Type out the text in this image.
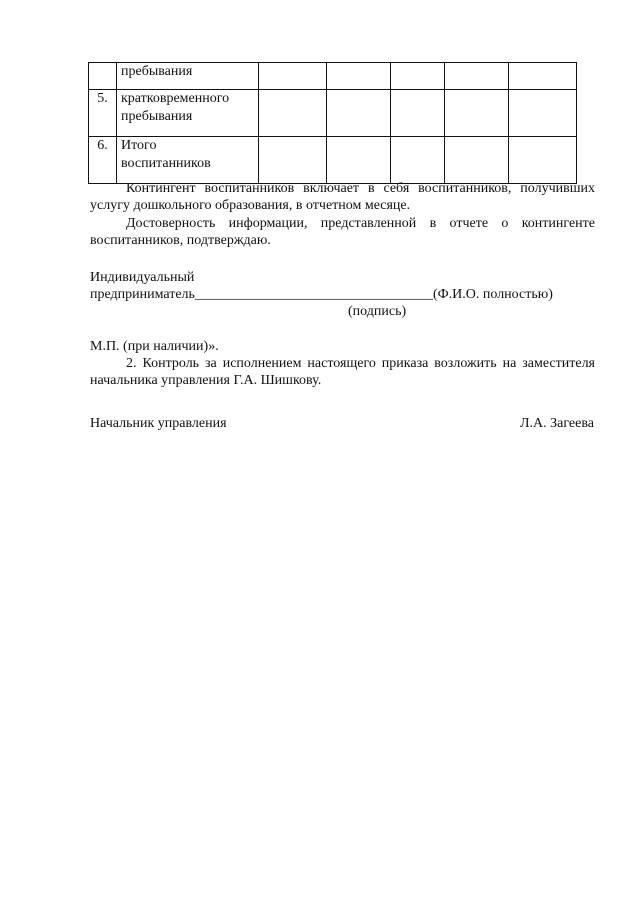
	пребывания					

5.	кратковременного
пребывания					

6.	Итого
воспитанников					

Контингент воспитанников включает в себя воспитанников, получивших услугу дошкольного образования, в отчетном месяце.

Достоверность информации, представленной в отчете о контингенте воспитанников, подтверждаю.

Индивидуальный
предприниматель__________________________________(Ф.И.О. полностью)
(подпись)
М.П. (при наличии)».

2. Контроль за исполнением настоящего приказа возложить на заместителя начальника управления Г.А. Шишкову.

Начальник управления	Л.А. Загеева
